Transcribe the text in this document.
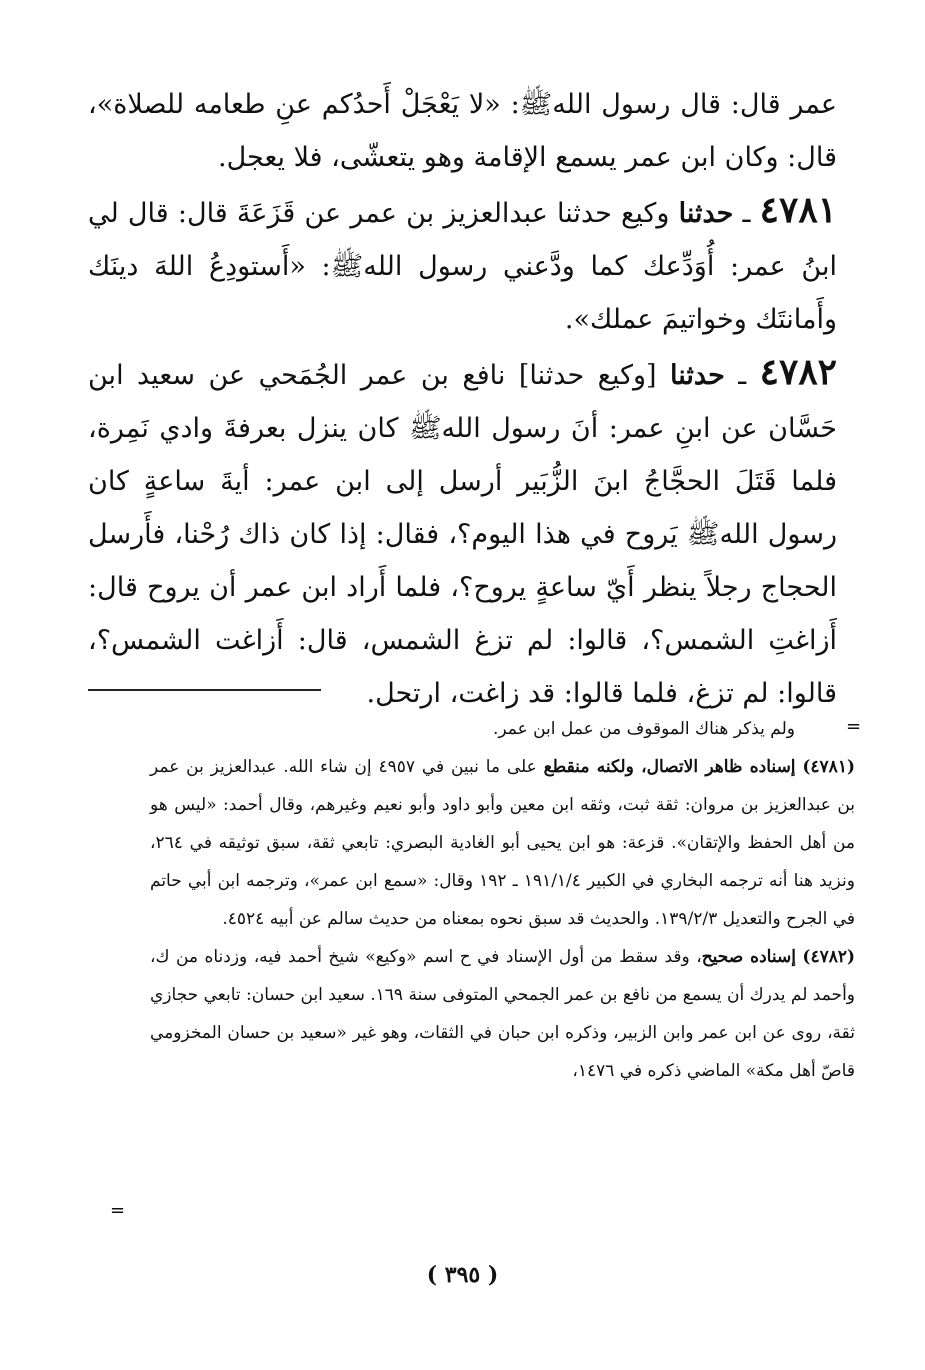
عمر قال: قال رسول اللهﷺ: «لا يَعْجَلْ أَحدُكم عنِ طعامه للصلاة»، قال: وكان ابن عمر يسمع الإقامة وهو يتعشّى، فلا يعجل.

٤٧٨١ ـ حدثنا وكيع حدثنا عبدالعزيز بن عمر عن قَزَعَةَ قال: قال لي ابنُ عمر: أُوَدِّعك كما ودَّعني رسول اللهﷺ: «أَستودِعُ اللهَ دينَك وأَمانتَك وخواتيمَ عملك».

٤٧٨٢ ـ حدثنا [وكيع حدثنا] نافع بن عمر الجُمَحي عن سعيد ابن حَسَّان عن ابنِ عمر: أنَ رسول اللهﷺ كان ينزل بعرفةَ وادي نَمِرة، فلما قَتَلَ الحجَّاجُ ابنَ الزُّبَير أرسل إلى ابن عمر: أيةَ ساعةٍ كان رسول اللهﷺ يَروح في هذا اليوم؟، فقال: إذا كان ذاك رُحْنا، فأَرسل الحجاج رجلاً ينظر أَيّ ساعةٍ يروح؟، فلما أَراد ابن عمر أن يروح قال: أَزاغتِ الشمس؟، قالوا: لم تزغ الشمس، قال: أَزاغت الشمس؟، قالوا: لم تزغ، فلما قالوا: قد زاغت، ارتحل.

=

ولم يذكر هناك الموقوف من عمل ابن عمر.

(٤٧٨١) إسناده ظاهر الاتصال، ولكنه منقطع على ما نبين في ٤٩٥٧ إن شاء الله. عبدالعزيز بن عمر بن عبدالعزيز بن مروان: ثقة ثبت، وثقه ابن معين وأبو داود وأبو نعيم وغيرهم، وقال أحمد: «ليس هو من أهل الحفظ والإتقان». قزعة: هو ابن يحيى أبو الغادية البصري: تابعي ثقة، سبق توثيقه في ٢٦٤، ونزيد هنا أنه ترجمه البخاري في الكبير ١٩١/١/٤ ـ ١٩٢ وقال: «سمع ابن عمر»، وترجمه ابن أبي حاتم في الجرح والتعديل ١٣٩/٢/٣. والحديث قد سبق نحوه بمعناه من حديث سالم عن أبيه ٤٥٢٤.

(٤٧٨٢) إسناده صحيح، وقد سقط من أول الإسناد في ح اسم «وكيع» شيخ أحمد فيه، وزدناه من ك، وأحمد لم يدرك أن يسمع من نافع بن عمر الجمحي المتوفى سنة ١٦٩. سعيد ابن حسان: تابعي حجازي ثقة، روى عن ابن عمر وابن الزبير، وذكره ابن حبان في الثقات، وهو غير «سعيد بن حسان المخزومي قاصّ أهل مكة» الماضي ذكره في ١٤٧٦،

=
( ٣٩٥ )
